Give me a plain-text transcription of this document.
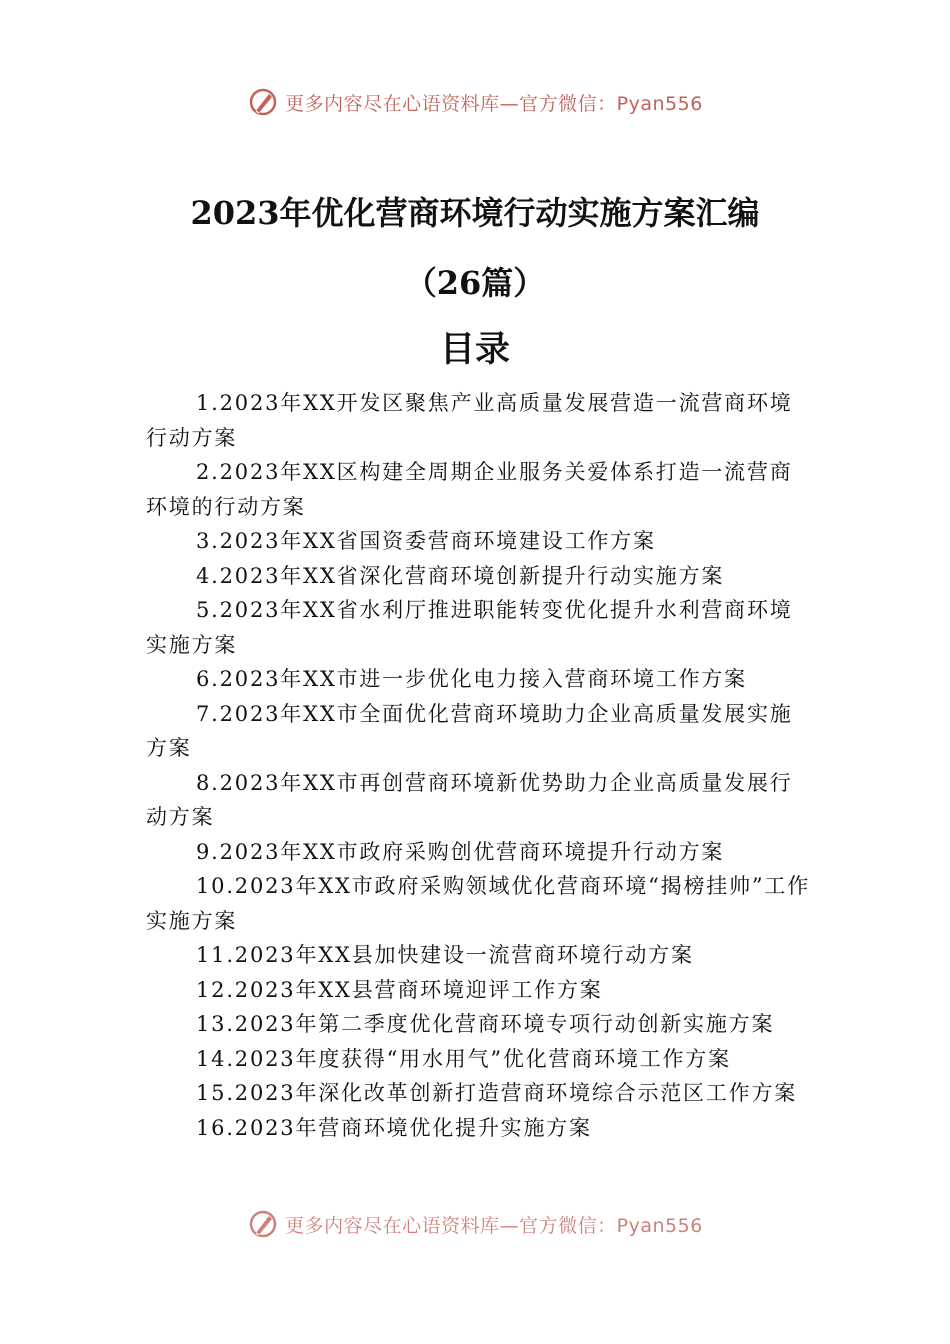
更多内容尽在心语资料库—官方微信：Pyan556
2023年优化营商环境行动实施方案汇编
（26篇）
目录
1.2023年XX开发区聚焦产业高质量发展营造一流营商环境行动方案
2.2023年XX区构建全周期企业服务关爱体系打造一流营商环境的行动方案
3.2023年XX省国资委营商环境建设工作方案
4.2023年XX省深化营商环境创新提升行动实施方案
5.2023年XX省水利厅推进职能转变优化提升水利营商环境实施方案
6.2023年XX市进一步优化电力接入营商环境工作方案
7.2023年XX市全面优化营商环境助力企业高质量发展实施方案
8.2023年XX市再创营商环境新优势助力企业高质量发展行动方案
9.2023年XX市政府采购创优营商环境提升行动方案
10.2023年XX市政府采购领域优化营商环境“揭榜挂帅”工作实施方案
11.2023年XX县加快建设一流营商环境行动方案
12.2023年XX县营商环境迎评工作方案
13.2023年第二季度优化营商环境专项行动创新实施方案
14.2023年度获得“用水用气”优化营商环境工作方案
15.2023年深化改革创新打造营商环境综合示范区工作方案
16.2023年营商环境优化提升实施方案
更多内容尽在心语资料库—官方微信：Pyan556
